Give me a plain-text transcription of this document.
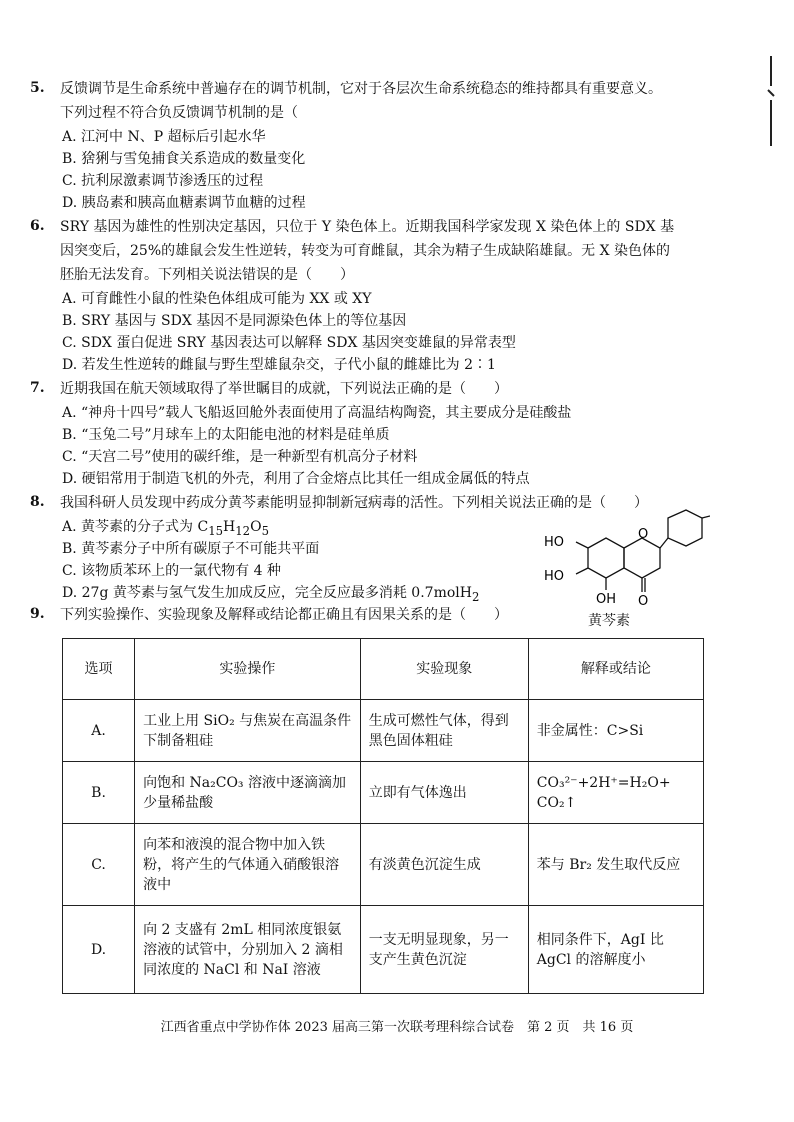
5. 反馈调节是生命系统中普遍存在的调节机制，它对于各层次生命系统稳态的维持都具有重要意义。
下列过程不符合负反馈调节机制的是（
A. 江河中 N、P 超标后引起水华
B. 猞猁与雪兔捕食关系造成的数量变化
C. 抗利尿激素调节渗透压的过程
D. 胰岛素和胰高血糖素调节血糖的过程
6. SRY 基因为雄性的性别决定基因，只位于 Y 染色体上。近期我国科学家发现 X 染色体上的 SDX 基
因突变后，25%的雄鼠会发生性逆转，转变为可育雌鼠，其余为精子生成缺陷雄鼠。无 X 染色体的
胚胎无法发育。下列相关说法错误的是（　　）
A. 可育雌性小鼠的性染色体组成可能为 XX 或 XY
B. SRY 基因与 SDX 基因不是同源染色体上的等位基因
C. SDX 蛋白促进 SRY 基因表达可以解释 SDX 基因突变雄鼠的异常表型
D. 若发生性逆转的雌鼠与野生型雄鼠杂交，子代小鼠的雌雄比为 2∶1
7. 近期我国在航天领域取得了举世瞩目的成就，下列说法正确的是（　　）
A. “神舟十四号”载人飞船返回舱外表面使用了高温结构陶瓷，其主要成分是硅酸盐
B. “玉兔二号”月球车上的太阳能电池的材料是硅单质
C. “天宫二号”使用的碳纤维，是一种新型有机高分子材料
D. 硬铝常用于制造飞机的外壳，利用了合金熔点比其任一组成金属低的特点
8. 我国科研人员发现中药成分黄芩素能明显抑制新冠病毒的活性。下列相关说法正确的是（　　）
A. 黄芩素的分子式为 $C_{15}H_{12}O_5$
B. 黄芩素分子中所有碳原子不可能共平面
C. 该物质苯环上的一氯代物有 4 种
D. 27g 黄芩素与氢气发生加成反应，完全反应最多消耗 0.7molH$_2$
HO
HO
OH O
O
黄芩素
9. 下列实验操作、实验现象及解释或结论都正确且有因果关系的是（　　）
选项	实验操作	实验现象	解释或结论
A.	工业上用 SiO₂ 与焦炭在高温条件下制备粗硅	生成可燃性气体，得到黑色固体粗硅	非金属性：C>Si
B.	向饱和 Na₂CO₃ 溶液中逐滴滴加少量稀盐酸	立即有气体逸出	CO₃²⁻+2H⁺=H₂O+ CO₂↑
C.	向苯和液溴的混合物中加入铁粉，将产生的气体通入硝酸银溶液中	有淡黄色沉淀生成	苯与 Br₂ 发生取代反应
D.	向 2 支盛有 2mL 相同浓度银氨溶液的试管中，分别加入 2 滴相同浓度的 NaCl 和 NaI 溶液	一支无明显现象，另一支产生黄色沉淀	相同条件下，AgI 比 AgCl 的溶解度小
江西省重点中学协作体 2023 届高三第一次联考理科综合试卷　第 2 页　共 16 页
